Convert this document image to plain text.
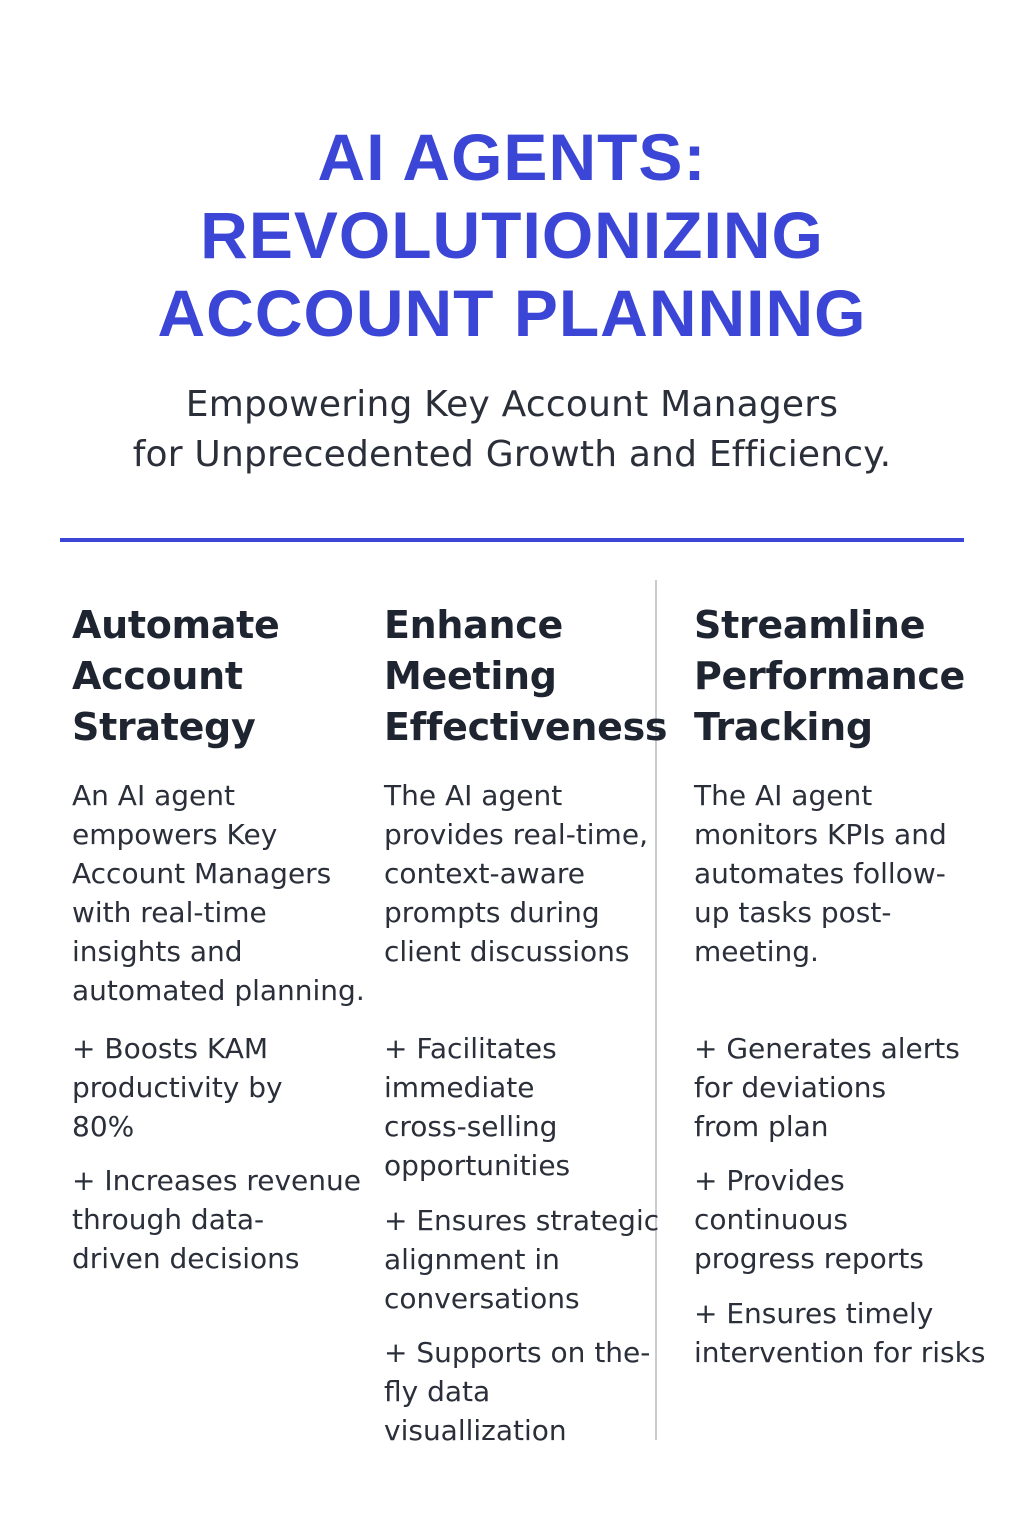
AI AGENTS:
REVOLUTIONIZING
ACCOUNT PLANNING
Empowering Key Account Managers
for Unprecedented Growth and Efficiency.
Automate
Account
Strategy
An AI agent
empowers Key
Account Managers
with real-time
insights and
automated planning.
+ Boosts KAM
productivity by
80%
+ Increases revenue
through data-
driven decisions
Enhance
Meeting
Effectiveness
The AI agent
provides real-time,
context-aware
prompts during
client discussions
+ Facilitates
immediate
cross-selling
opportunities
+ Ensures strategic
alignment in
conversations
+ Supports on the-
fly data
visuallization
Streamline
Performance
Tracking
The AI agent
monitors KPIs and
automates follow-
up tasks post-
meeting.
+ Generates alerts
for deviations
from plan
+ Provides
continuous
progress reports
+ Ensures timely
intervention for risks
